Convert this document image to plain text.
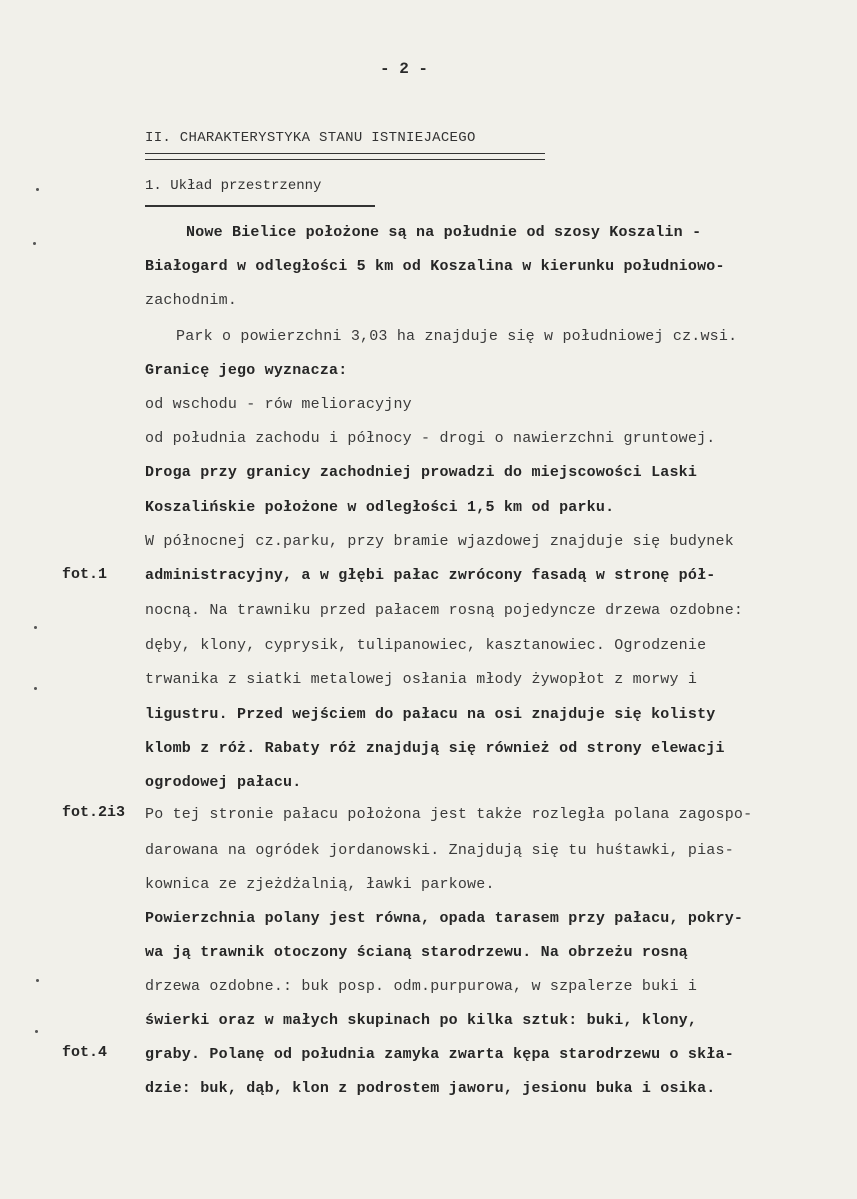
- 2 -
II. CHARAKTERYSTYKA STANU ISTNIEJACEGO
1. Układ przestrzenny
fot.1
fot.2i3
fot.4
Nowe Bielice położone są na południe od szosy Koszalin -
Białogard w odległości 5 km od Koszalina w kierunku południowo-
zachodnim.
Park o powierzchni 3,03 ha znajduje się w południowej cz.wsi.
Granicę jego wyznacza:
od wschodu - rów melioracyjny
od południa zachodu i północy - drogi o nawierzchni gruntowej.
Droga przy granicy zachodniej prowadzi do miejscowości Laski
Koszalińskie położone w odległości 1,5 km od parku.
W północnej cz.parku, przy bramie wjazdowej znajduje się budynek
administracyjny, a w głębi pałac zwrócony fasadą w stronę pół-
nocną. Na trawniku przed pałacem rosną pojedyncze drzewa ozdobne:
dęby, klony, cyprysik, tulipanowiec, kasztanowiec. Ogrodzenie
trwanika z siatki metalowej osłania młody żywopłot z morwy i
ligustru. Przed wejściem do pałacu na osi znajduje się kolisty
klomb z róż. Rabaty róż znajdują się również od strony elewacji
ogrodowej pałacu.
Po tej stronie pałacu położona jest także rozległa polana zagospo-
darowana na ogródek jordanowski. Znajdują się tu huśtawki, pias-
kownica ze zjeżdżalnią, ławki parkowe.
Powierzchnia polany jest równa, opada tarasem przy pałacu, pokry-
wa ją trawnik otoczony ścianą starodrzewu. Na obrzeżu rosną
drzewa ozdobne.: buk posp. odm.purpurowa, w szpalerze buki i
świerki oraz w małych skupinach po kilka sztuk: buki, klony,
graby. Polanę od południa zamyka zwarta kępa starodrzewu o skła-
dzie: buk, dąb, klon z podrostem jaworu, jesionu buka i osika.
